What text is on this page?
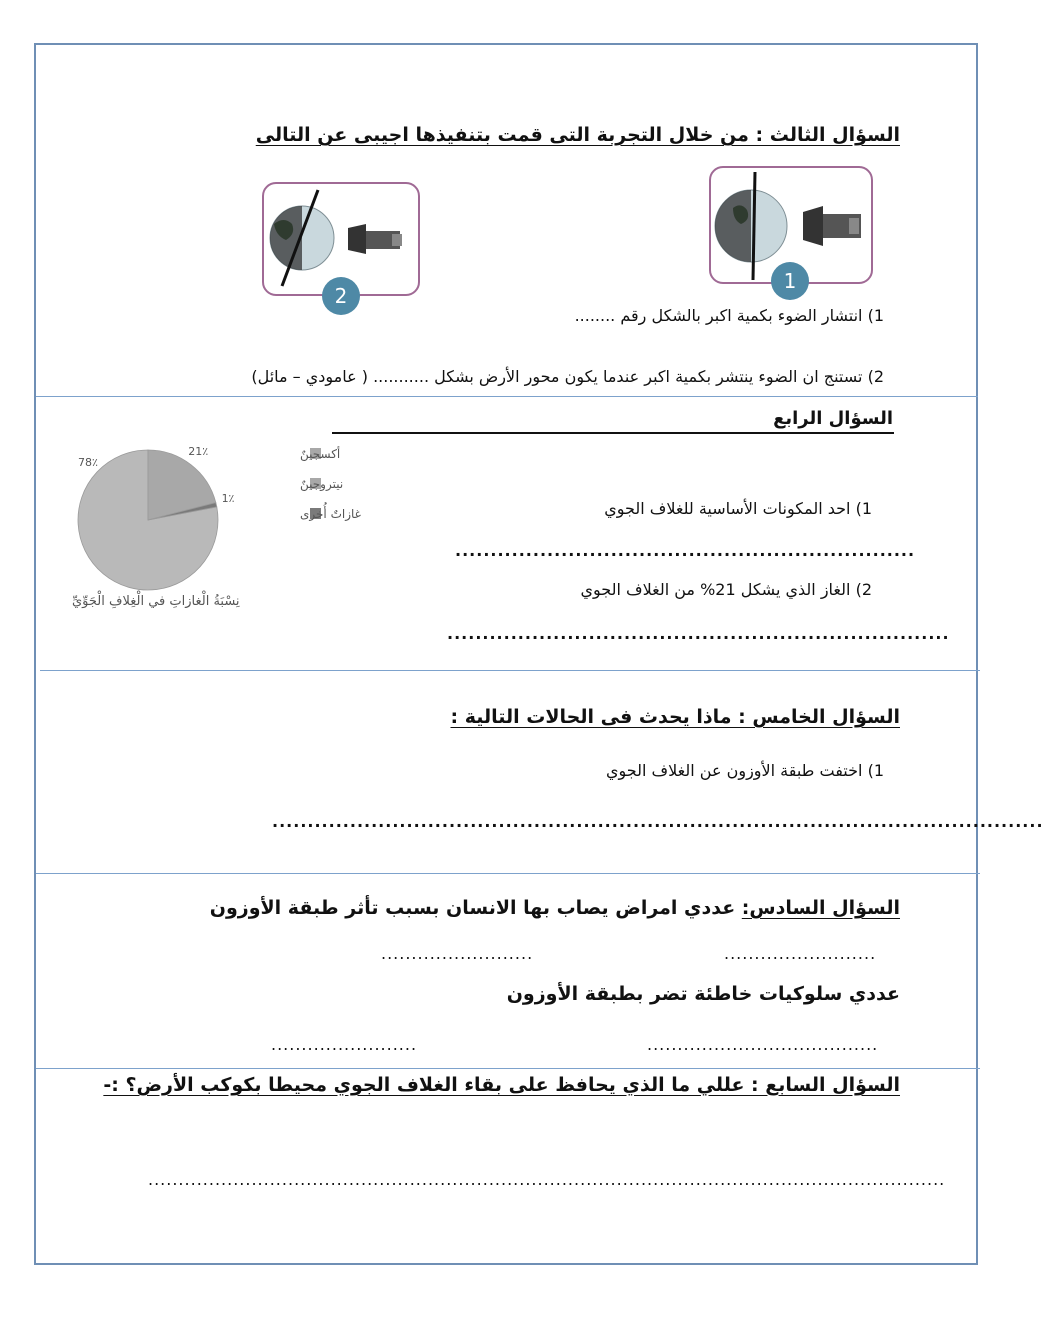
السؤال الثالث : من خلال التجربة التى قمت بتنفيذها اجيبى عن التالى
1
2
1) انتشار الضوء بكمية اكبر بالشكل رقم ........
2) تستنج ان الضوء ينتشر بكمية اكبر عندما يكون محور الأرض بشكل ........... ( عامودي – مائل)
السؤال الرابع
1) احد المكونات الأساسية للغلاف الجوي
.................................................................
2) الغاز الذي يشكل 21% من الغلاف الجوي
.......................................................................
78٪
21٪
1٪
أكسجينٌ
نيتروجينٌ
غازاتٌ أُخرى
نِسْبَةُ الْغازاتِ في الْغِلافِ الْجَوِّيِّ
السؤال الخامس : ماذا يحدث فى الحالات التالية :
1) اختفت طبقة الأوزون عن الغلاف الجوي
.............................................................................................................
السؤال السادس: عددي امراض يصاب بها الانسان بسبب تأثر طبقة الأوزون
.........................
.........................
عددي سلوكيات خاطئة تضر بطبقة الأوزون
......................................
........................
السؤال السابع : عللي ما الذي يحافظ على بقاء الغلاف الجوي محيطا بكوكب الأرض؟ :-
...................................................................................................................................
